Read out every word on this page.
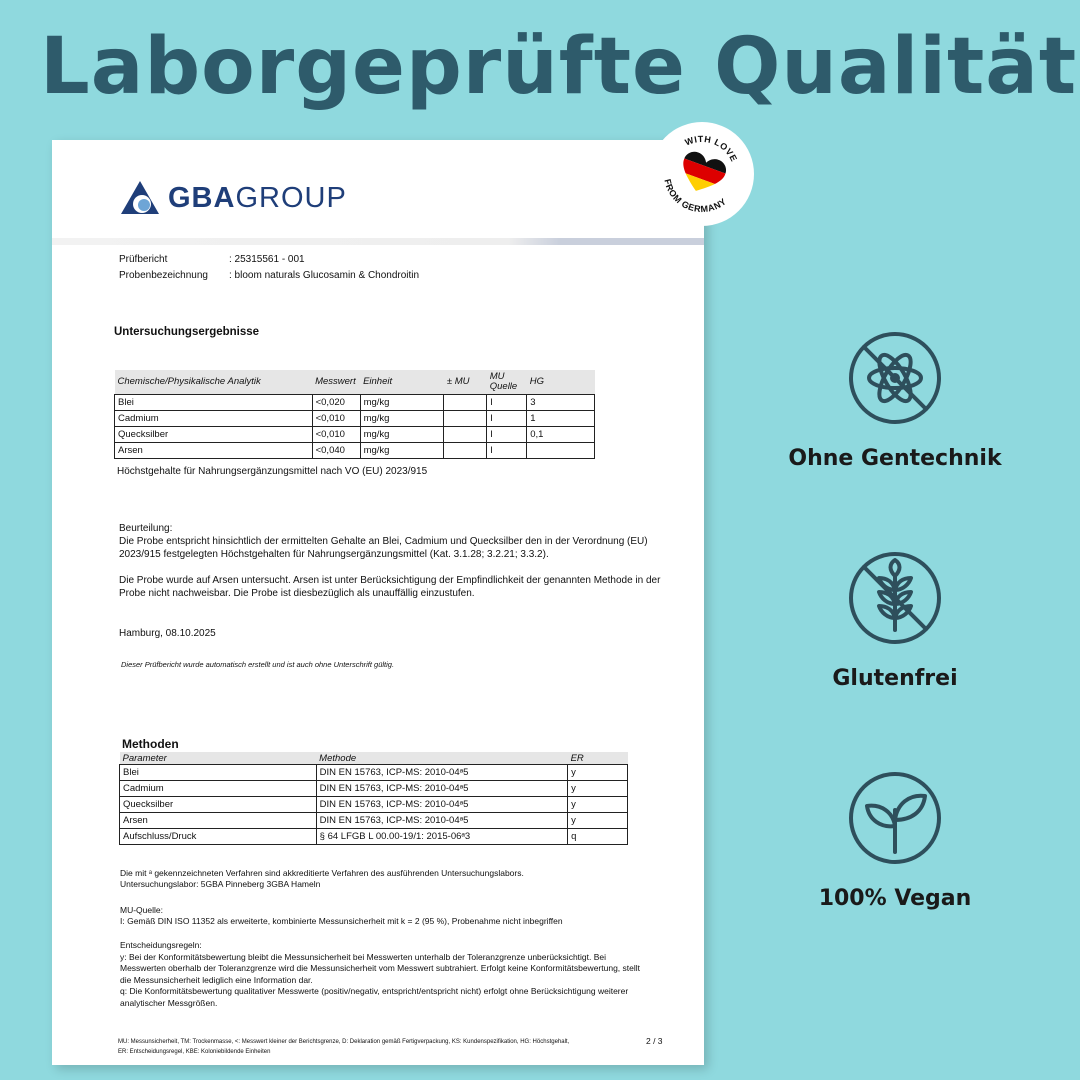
Laborgeprüfte Qualität
GBA GROUP
Prüfbericht	: 25315561 - 001
Probenbezeichnung : bloom naturals Glucosamin & Chondroitin
Untersuchungsergebnisse
Chemische/Physikalische Analytik	Messwert	Einheit	± MU	MU Quelle	HG
Blei	<0,020	mg/kg		I	3
Cadmium	<0,010	mg/kg		I	1
Quecksilber	<0,010	mg/kg		I	0,1
Arsen	<0,040	mg/kg		I	
Höchstgehalte für Nahrungsergänzungsmittel nach VO (EU) 2023/915
Beurteilung:
Die Probe entspricht hinsichtlich der ermittelten Gehalte an Blei, Cadmium und Quecksilber den in der Verordnung (EU) 2023/915 festgelegten Höchstgehalten für Nahrungsergänzungsmittel (Kat. 3.1.28; 3.2.21; 3.3.2).
Die Probe wurde auf Arsen untersucht. Arsen ist unter Berücksichtigung der Empfindlichkeit der genannten Methode in der Probe nicht nachweisbar. Die Probe ist diesbezüglich als unauffällig einzustufen.
Hamburg, 08.10.2025
Dieser Prüfbericht wurde automatisch erstellt und ist auch ohne Unterschrift gültig.
Methoden
Parameter	Methode	ER
Blei	DIN EN 15763, ICP-MS: 2010-04ᵃ5	y
Cadmium	DIN EN 15763, ICP-MS: 2010-04ᵃ5	y
Quecksilber	DIN EN 15763, ICP-MS: 2010-04ᵃ5	y
Arsen	DIN EN 15763, ICP-MS: 2010-04ᵃ5	y
Aufschluss/Druck	§ 64 LFGB L 00.00-19/1: 2015-06ᵃ3	q
Die mit ᵃ gekennzeichneten Verfahren sind akkreditierte Verfahren des ausführenden Untersuchungslabors.
Untersuchungslabor: 5GBA Pinneberg 3GBA Hameln
MU-Quelle:
I: Gemäß DIN ISO 11352 als erweiterte, kombinierte Messunsicherheit mit k = 2 (95 %), Probenahme nicht inbegriffen
Entscheidungsregeln:
y: Bei der Konformitätsbewertung bleibt die Messunsicherheit bei Messwerten unterhalb der Toleranzgrenze unberücksichtigt. Bei Messwerten oberhalb der Toleranzgrenze wird die Messunsicherheit vom Messwert subtrahiert. Erfolgt keine Konformitätsbewertung, stellt die Messunsicherheit lediglich eine Information dar.
q: Die Konformitätsbewertung qualitativer Messwerte (positiv/negativ, entspricht/entspricht nicht) erfolgt ohne Berücksichtigung weiterer analytischer Messgrößen.
MU: Messunsicherheit, TM: Trockenmasse, <: Messwert kleiner der Berichtsgrenze, D: Deklaration gemäß Fertigverpackung, KS: Kundenspezifikation, HG: Höchstgehalt,
ER: Entscheidungsregel, KBE: Koloniebildende Einheiten
2 / 3
WITH LOVE
FROM GERMANY
Ohne Gentechnik
Glutenfrei
100% Vegan
